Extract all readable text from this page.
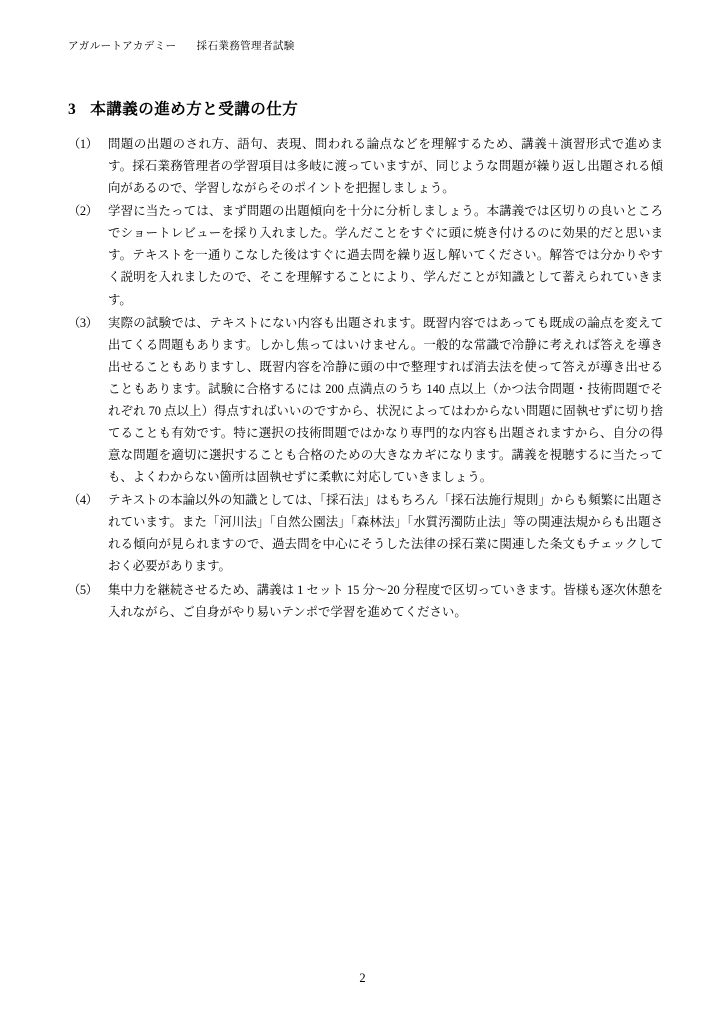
アガルートアカデミー 採石業務管理者試験
3 本講義の進め方と受講の仕方
（1） 問題の出題のされ方、語句、表現、問われる論点などを理解するため、講義＋演習形式で進めます。採石業務管理者の学習項目は多岐に渡っていますが、同じような問題が繰り返し出題される傾向があるので、学習しながらそのポイントを把握しましょう。
（2） 学習に当たっては、まず問題の出題傾向を十分に分析しましょう。本講義では区切りの良いところでショートレビューを採り入れました。学んだことをすぐに頭に焼き付けるのに効果的だと思います。テキストを一通りこなした後はすぐに過去問を繰り返し解いてください。解答では分かりやすく説明を入れましたので、そこを理解することにより、学んだことが知識として蓄えられていきます。
（3） 実際の試験では、テキストにない内容も出題されます。既習内容ではあっても既成の論点を変えて出てくる問題もあります。しかし焦ってはいけません。一般的な常識で冷静に考えれば答えを導き出せることもありますし、既習内容を冷静に頭の中で整理すれば消去法を使って答えが導き出せることもあります。試験に合格するには 200 点満点のうち 140 点以上（かつ法令問題・技術問題でそれぞれ 70 点以上）得点すればいいのですから、状況によってはわからない問題に固執せずに切り捨てることも有効です。特に選択の技術問題ではかなり専門的な内容も出題されますから、自分の得意な問題を適切に選択することも合格のための大きなカギになります。講義を視聴するに当たっても、よくわからない箇所は固執せずに柔軟に対応していきましょう。
（4） テキストの本論以外の知識としては、「採石法」はもちろん「採石法施行規則」からも頻繁に出題されています。また「河川法」「自然公園法」「森林法」「水質汚濁防止法」等の関連法規からも出題される傾向が見られますので、過去問を中心にそうした法律の採石業に関連した条文もチェックしておく必要があります。
（5） 集中力を継続させるため、講義は 1 セット 15 分〜20 分程度で区切っていきます。皆様も逐次休憩を入れながら、ご自身がやり易いテンポで学習を進めてください。
2
